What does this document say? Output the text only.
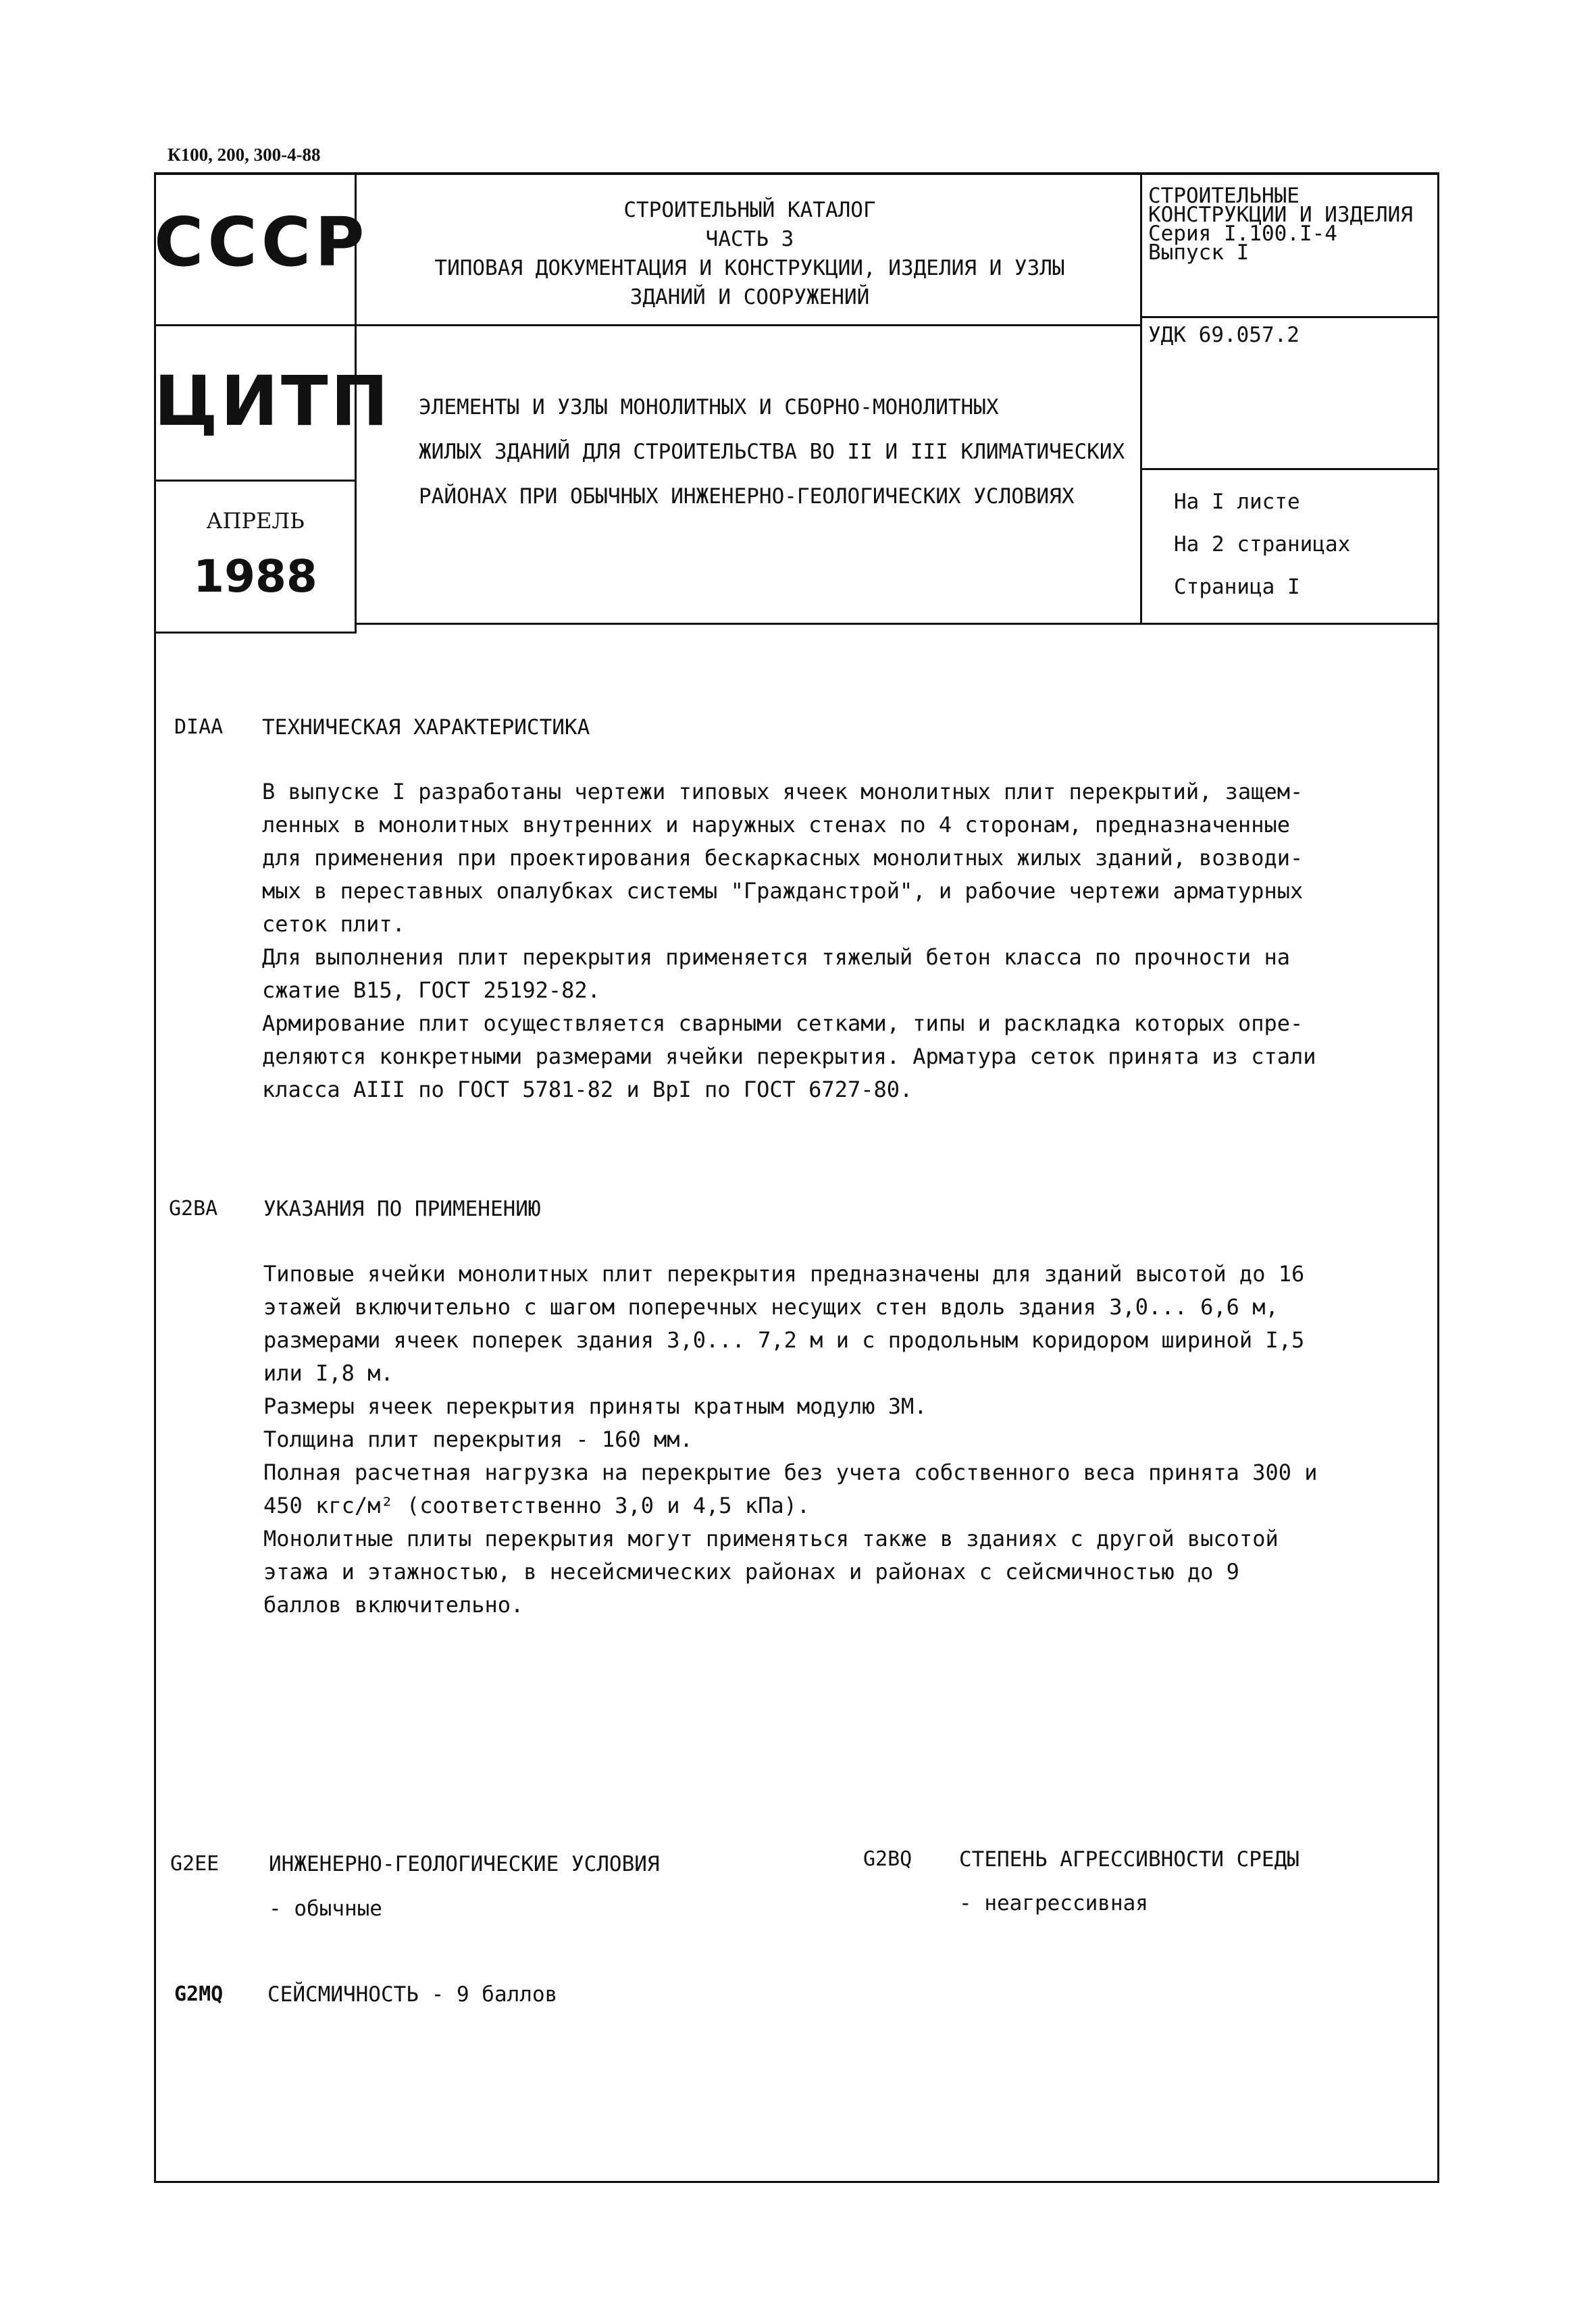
К100, 200, 300-4-88
СССР
ЦИТП
АПРЕЛЬ
1988
СТРОИТЕЛЬНЫЙ КАТАЛОГ
ЧАСТЬ 3
ТИПОВАЯ ДОКУМЕНТАЦИЯ И КОНСТРУКЦИИ, ИЗДЕЛИЯ И УЗЛЫ
ЗДАНИЙ И СООРУЖЕНИЙ
ЭЛЕМЕНТЫ И УЗЛЫ МОНОЛИТНЫХ И СБОРНО-МОНОЛИТНЫХ
ЖИЛЫХ ЗДАНИЙ ДЛЯ СТРОИТЕЛЬСТВА ВО II И III КЛИМАТИЧЕСКИХ
РАЙОНАХ ПРИ ОБЫЧНЫХ ИНЖЕНЕРНО-ГЕОЛОГИЧЕСКИХ УСЛОВИЯХ
СТРОИТЕЛЬНЫЕ
КОНСТРУКЦИИ И ИЗДЕЛИЯ
Серия I.100.I-4
Выпуск I
УДК 69.057.2
На I листе
На 2 страницах
Страница I
DIAA ТЕХНИЧЕСКАЯ ХАРАКТЕРИСТИКА
В выпуске I разработаны чертежи типовых ячеек монолитных плит перекрытий, защем-
ленных в монолитных внутренних и наружных стенах по 4 сторонам, предназначенные
для применения при проектирования бескаркасных монолитных жилых зданий, возводи-
мых в переставных опалубках системы "Гражданстрой", и рабочие чертежи арматурных
сеток плит.
Для выполнения плит перекрытия применяется тяжелый бетон класса по прочности на
сжатие В15, ГОСТ 25192-82.
Армирование плит осуществляется сварными сетками, типы и раскладка которых опре-
деляются конкретными размерами ячейки перекрытия. Арматура сеток принята из стали
класса АIII по ГОСТ 5781-82 и ВрI по ГОСТ 6727-80.
G2BA УКАЗАНИЯ ПО ПРИМЕНЕНИЮ
Типовые ячейки монолитных плит перекрытия предназначены для зданий высотой до 16
этажей включительно с шагом поперечных несущих стен вдоль здания 3,0... 6,6 м,
размерами ячеек поперек здания 3,0... 7,2 м и с продольным коридором шириной I,5
или I,8 м.
Размеры ячеек перекрытия приняты кратным модулю 3М.
Толщина плит перекрытия - 160 мм.
Полная расчетная нагрузка на перекрытие без учета собственного веса принята 300 и
450 кгс/м² (соответственно 3,0 и 4,5 кПа).
Монолитные плиты перекрытия могут применяться также в зданиях с другой высотой
этажа и этажностью, в несейсмических районах и районах с сейсмичностью до 9
баллов включительно.
G2EE ИНЖЕНЕРНО-ГЕОЛОГИЧЕСКИЕ УСЛОВИЯ
- обычные
G2BQ СТЕПЕНЬ АГРЕССИВНОСТИ СРЕДЫ
- неагрессивная
G2MQ СЕЙСМИЧНОСТЬ - 9 баллов
